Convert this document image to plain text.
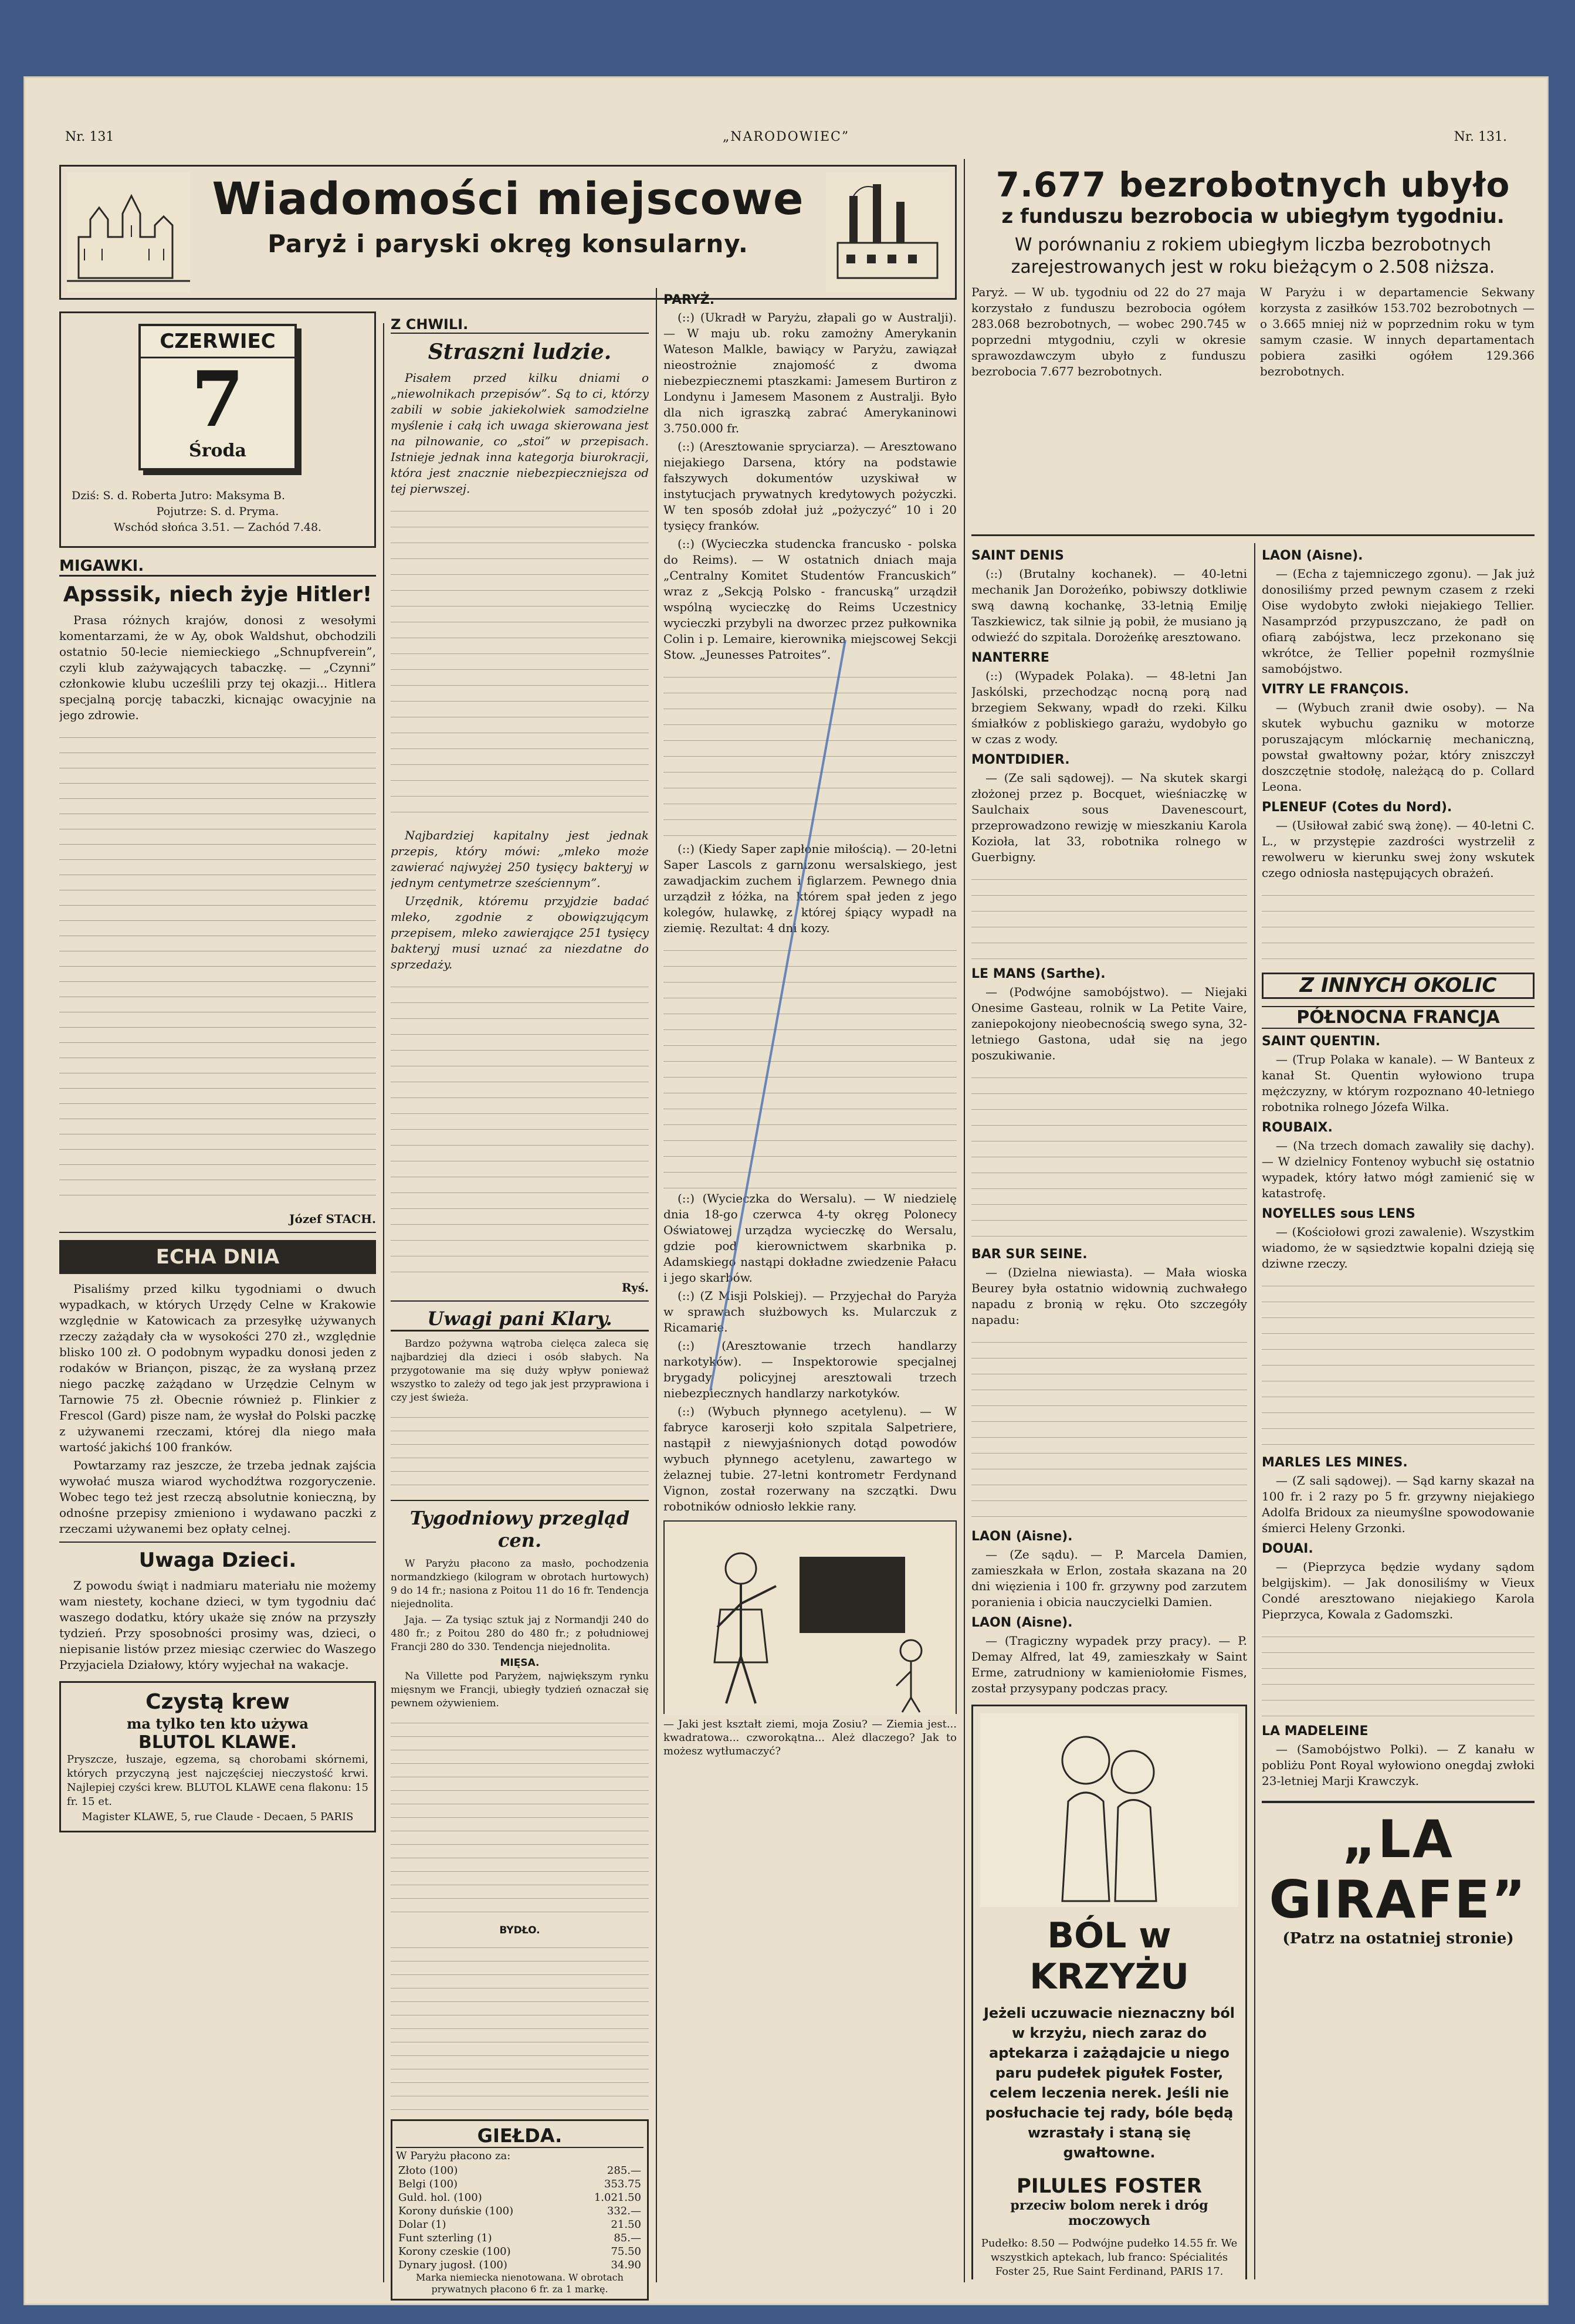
Nr. 131	„NARODOWIEC”	Nr. 131.
Wiadomości miejscowe
Paryż i paryski okręg konsularny.
CZERWIEC
7
Środa
Dziś: S. d. Roberta Jutro: Maksyma B.
Pojutrze: S. d. Pryma.
Wschód słońca 3.51. — Zachód 7.48.
MIGAWKI.
Apsssik, niech żyje Hitler!

Prasa różnych krajów, donosi z wesołymi komentarzami, że w Ay, obok Waldshut, obchodzili ostatnio 50-lecie niemieckiego „Schnupfverein”, czyli klub zażywających tabaczkę. — „Czynni” członkowie klubu ucześlili przy tej okazji... Hitlera specjalną porcję tabaczki, kicnając owacyjnie na jego zdrowie.

Józef STACH.
ECHA DNIA

Pisaliśmy przed kilku tygodniami o dwuch wypadkach, w których Urzędy Celne w Krakowie względnie w Katowicach za przesyłkę używanych rzeczy zażądały cła w wysokości 270 zł., względnie blisko 100 zł. O podobnym wypadku donosi jeden z rodaków w Briançon, pisząc, że za wysłaną przez niego paczkę zażądano w Urzędzie Celnym w Tarnowie 75 zł. Obecnie również p. Flinkier z Frescol (Gard) pisze nam, że wysłał do Polski paczkę z używanemi rzeczami, której dla niego mała wartość jakichś 100 franków.

Powtarzamy raz jeszcze, że trzeba jednak zajścia wywołać musza wiarod wychodźtwa rozgoryczenie. Wobec tego też jest rzeczą absolutnie konieczną, by odnośne przepisy zmieniono i wydawano paczki z rzeczami używanemi bez opłaty celnej.

Uwaga Dzieci.

Z powodu świąt i nadmiaru materiału nie możemy wam niestety, kochane dzieci, w tym tygodniu dać waszego dodatku, który ukaże się znów na przyszły tydzień. Przy sposobności prosimy was, dzieci, o niepisanie listów przez miesiąc czerwiec do Waszego Przyjaciela Działowy, który wyjechał na wakacje.

Czystą krew
ma tylko ten kto używa
BLUTOL KLAWE.
Pryszcze, łuszaje, egzema, są chorobami skórnemi, których przyczyną jest najczęściej nieczystość krwi. Najlepiej czyści krew. BLUTOL KLAWE cena flakonu: 15 fr. 15 et.
Magister KLAWE, 5, rue Claude - Decaen, 5 PARIS
Z CHWILI.
Straszni ludzie.

Pisałem przed kilku dniami o „niewolnikach przepisów”. Są to ci, którzy zabili w sobie jakiekolwiek samodzielne myślenie i całą ich uwaga skierowana jest na pilnowanie, co „stoi” w przepisach. Istnieje jednak inna kategorja biurokracji, która jest znacznie niebezpieczniejsza od tej pierwszej.

Najbardziej kapitalny jest jednak przepis, który mówi: „mleko może zawierać najwyżej 250 tysięcy bakteryj w jednym centymetrze sześciennym”.

Urzędnik, któremu przyjdzie badać mleko, zgodnie z obowiązującym przepisem, mleko zawierające 251 tysięcy bakteryj musi uznać za niezdatne do sprzedaży.

Ryś.
Uwagi pani Klary.

Bardzo pożywna wątroba cielęca zaleca się najbardziej dla dzieci i osób słabych. Na przygotowanie ma się duży wpływ ponieważ wszystko to zależy od tego jak jest przyprawiona i czy jest świeża.

Tygodniowy przegląd cen.

W Paryżu płacono za masło, pochodzenia normandzkiego (kilogram w obrotach hurtowych) 9 do 14 fr.; nasiona z Poitou 11 do 16 fr. Tendencja niejednolita.

Jaja. — Za tysiąc sztuk jaj z Normandji 240 do 480 fr.; z Poitou 280 do 480 fr.; z południowej Francji 280 do 330. Tendencja niejednolita.

MIĘSA.

Na Villette pod Paryżem, największym rynku mięsnym we Francji, ubiegły tydzień oznaczał się pewnem ożywieniem.

BYDŁO.
GIEŁDA.
W Paryżu płacono za:
Złoto (100)	285.—
Belgi (100)	353.75
Guld. hol. (100)	1.021.50
Korony duńskie (100)	332.—
Dolar (1)	21.50
Funt szterling (1)	85.—
Korony czeskie (100)	75.50
Dynary jugosł. (100)	34.90
Marka niemiecka nienotowana. W obrotach prywatnych płacono 6 fr. za 1 markę.
PARYŻ.

(::) (Ukradł w Paryżu, złapali go w Australji). — W maju ub. roku zamożny Amerykanin Wateson Malkle, bawiący w Paryżu, zawiązał nieostrożnie znajomość z dwoma niebezpiecznemi ptaszkami: Jamesem Burtiron z Londynu i Jamesem Masonem z Australji. Było dla nich igraszką zabrać Amerykaninowi 3.750.000 fr.

(::) (Aresztowanie spryciarza). — Aresztowano niejakiego Darsena, który na podstawie fałszywych dokumentów uzyskiwał w instytucjach prywatnych kredytowych pożyczki. W ten sposób zdołał już „pożyczyć” 10 i 20 tysięcy franków.

(::) (Wycieczka studencka francusko - polska do Reims). — W ostatnich dniach maja „Centralny Komitet Studentów Francuskich” wraz z „Sekcją Polsko - francuską” urządził wspólną wycieczkę do Reims Uczestnicy wycieczki przybyli na dworzec przez pułkownika Colin i p. Lemaire, kierownika miejscowej Sekcji Stow. „Jeunesses Patroites”.

(::) (Kiedy Saper zapłonie miłością). — 20-letni Saper Lascols z garnizonu wersalskiego, jest zawadjackim zuchem i figlarzem. Pewnego dnia urządził z łóżka, na którem spał jeden z jego kolegów, hulawkę, z której śpiący wypadł na ziemię. Rezultat: 4 dni kozy.

(::) (Wycieczka do Wersalu). — W niedzielę dnia 18-go czerwca 4-ty okręg Polonecy Oświatowej urządza wycieczkę do Wersalu, gdzie pod kierownictwem skarbnika p. Adamskiego nastąpi dokładne zwiedzenie Pałacu i jego skarbów.

(::) (Z Misji Polskiej). — Przyjechał do Paryża w sprawach służbowych ks. Mularczuk z Ricamarie.

(::) (Aresztowanie trzech handlarzy narkotyków). — Inspektorowie specjalnej brygady policyjnej aresztowali trzech niebezpiecznych handlarzy narkotyków.

(::) (Wybuch płynnego acetylenu). — W fabryce karoserji koło szpitala Salpetriere, nastąpił z niewyjaśnionych dotąd powodów wybuch płynnego acetylenu, zawartego w żelaznej tubie. 27-letni kontrometr Ferdynand Vignon, został rozerwany na szczątki. Dwu robotników odniosło lekkie rany.

— Jaki jest kształt ziemi, moja Zosiu? — Ziemia jest... kwadratowa... czworokątna... Ależ dlaczego? Jak to możesz wytłumaczyć?
7.677 bezrobotnych ubyło
z funduszu bezrobocia w ubiegłym tygodniu.
W porównaniu z rokiem ubiegłym liczba bezrobotnych zarejestrowanych jest w roku bieżącym o 2.508 niższa.
Paryż. — W ub. tygodniu od 22 do 27 maja korzystało z funduszu bezrobocia ogółem 283.068 bezrobotnych, — wobec 290.745 w poprzedni mtygodniu, czyli w okresie sprawozdawczym ubyło z funduszu bezrobocia 7.677 bezrobotnych.
W Paryżu i w departamencie Sekwany korzysta z zasiłków 153.702 bezrobotnych — o 3.665 mniej niż w poprzednim roku w tym samym czasie. W innych departamentach pobiera zasiłki ogółem 129.366 bezrobotnych.
SAINT DENIS

(::) (Brutalny kochanek). — 40-letni mechanik Jan Dorożeńko, pobiwszy dotkliwie swą dawną kochankę, 33-letnią Emilję Taszkiewicz, tak silnie ją pobił, że musiano ją odwieźć do szpitala. Dorożeńkę aresztowano.

NANTERRE

(::) (Wypadek Polaka). — 48-letni Jan Jaskólski, przechodząc nocną porą nad brzegiem Sekwany, wpadł do rzeki. Kilku śmiałków z pobliskiego garażu, wydobyło go w czas z wody.

MONTDIDIER.

— (Ze sali sądowej). — Na skutek skargi złożonej przez p. Bocquet, wieśniaczkę w Saulchaix sous Davenescourt, przeprowadzono rewizję w mieszkaniu Karola Kozioła, lat 33, robotnika rolnego w Guerbigny.

LE MANS (Sarthe).

— (Podwójne samobójstwo). — Niejaki Onesime Gasteau, rolnik w La Petite Vaire, zaniepokojony nieobecnością swego syna, 32-letniego Gastona, udał się na jego poszukiwanie.

BAR SUR SEINE.

— (Dzielna niewiasta). — Mała wioska Beurey była ostatnio widownią zuchwałego napadu z bronią w ręku. Oto szczegóły napadu:

LAON (Aisne).

— (Ze sądu). — P. Marcela Damien, zamieszkała w Erlon, została skazana na 20 dni więzienia i 100 fr. grzywny pod zarzutem poranienia i obicia nauczycielki Damien.

LAON (Aisne).

— (Tragiczny wypadek przy pracy). — P. Demay Alfred, lat 49, zamieszkały w Saint Erme, zatrudniony w kamieniołomie Fismes, został przysypany podczas pracy.

BÓL w KRZYŻU
Jeżeli uczuwacie nieznaczny ból w krzyżu, niech zaraz do aptekarza i zażądajcie u niego paru pudełek pigułek Foster, celem leczenia nerek. Jeśli nie posłuchacie tej rady, bóle będą wzrastały i staną się gwałtowne.
PILULES FOSTER
przeciw bolom nerek i dróg moczowych
Pudełko: 8.50 — Podwójne pudełko 14.55 fr. We wszystkich aptekach, lub franco: Spécialités Foster 25, Rue Saint Ferdinand, PARIS 17.
LAON (Aisne).

— (Echa z tajemniczego zgonu). — Jak już donosiliśmy przed pewnym czasem z rzeki Oise wydobyto zwłoki niejakiego Tellier. Nasamprzód przypuszczano, że padł on ofiarą zabójstwa, lecz przekonano się wkrótce, że Tellier popełnił rozmyślnie samobójstwo.

VITRY LE FRANÇOIS.

— (Wybuch zranił dwie osoby). — Na skutek wybuchu gazniku w motorze poruszającym mlóckarnię mechaniczną, powstał gwałtowny pożar, który zniszczył doszczętnie stodołę, należącą do p. Collard Leona.

PLENEUF (Cotes du Nord).

— (Usiłował zabić swą żonę). — 40-letni C. L., w przystępie zazdrości wystrzelił z rewolweru w kierunku swej żony wskutek czego odniosła następujących obrażeń.

Z INNYCH OKOLIC
PÓŁNOCNA FRANCJA
SAINT QUENTIN.

— (Trup Polaka w kanale). — W Banteux z kanał St. Quentin wyłowiono trupa mężczyzny, w którym rozpoznano 40-letniego robotnika rolnego Józefa Wilka.

ROUBAIX.

— (Na trzech domach zawaliły się dachy). — W dzielnicy Fontenoy wybuchł się ostatnio wypadek, który łatwo mógł zamienić się w katastrofę.

NOYELLES sous LENS

— (Kościołowi grozi zawalenie). Wszystkim wiadomo, że w sąsiedztwie kopalni dzieją się dziwne rzeczy.

MARLES LES MINES.

— (Z sali sądowej). — Sąd karny skazał na 100 fr. i 2 razy po 5 fr. grzywny niejakiego Adolfa Bridoux za nieumyślne spowodowanie śmierci Heleny Grzonki.

DOUAI.

— (Pieprzyca będzie wydany sądom belgijskim). — Jak donosiliśmy w Vieux Condé aresztowano niejakiego Karola Pieprzyca, Kowala z Gadomszki.

LA MADELEINE

— (Samobójstwo Polki). — Z kanału w pobliżu Pont Royal wyłowiono onegdaj zwłoki 23-letniej Marji Krawczyk.

„LA GIRAFE”
(Patrz na ostatniej stronie)
